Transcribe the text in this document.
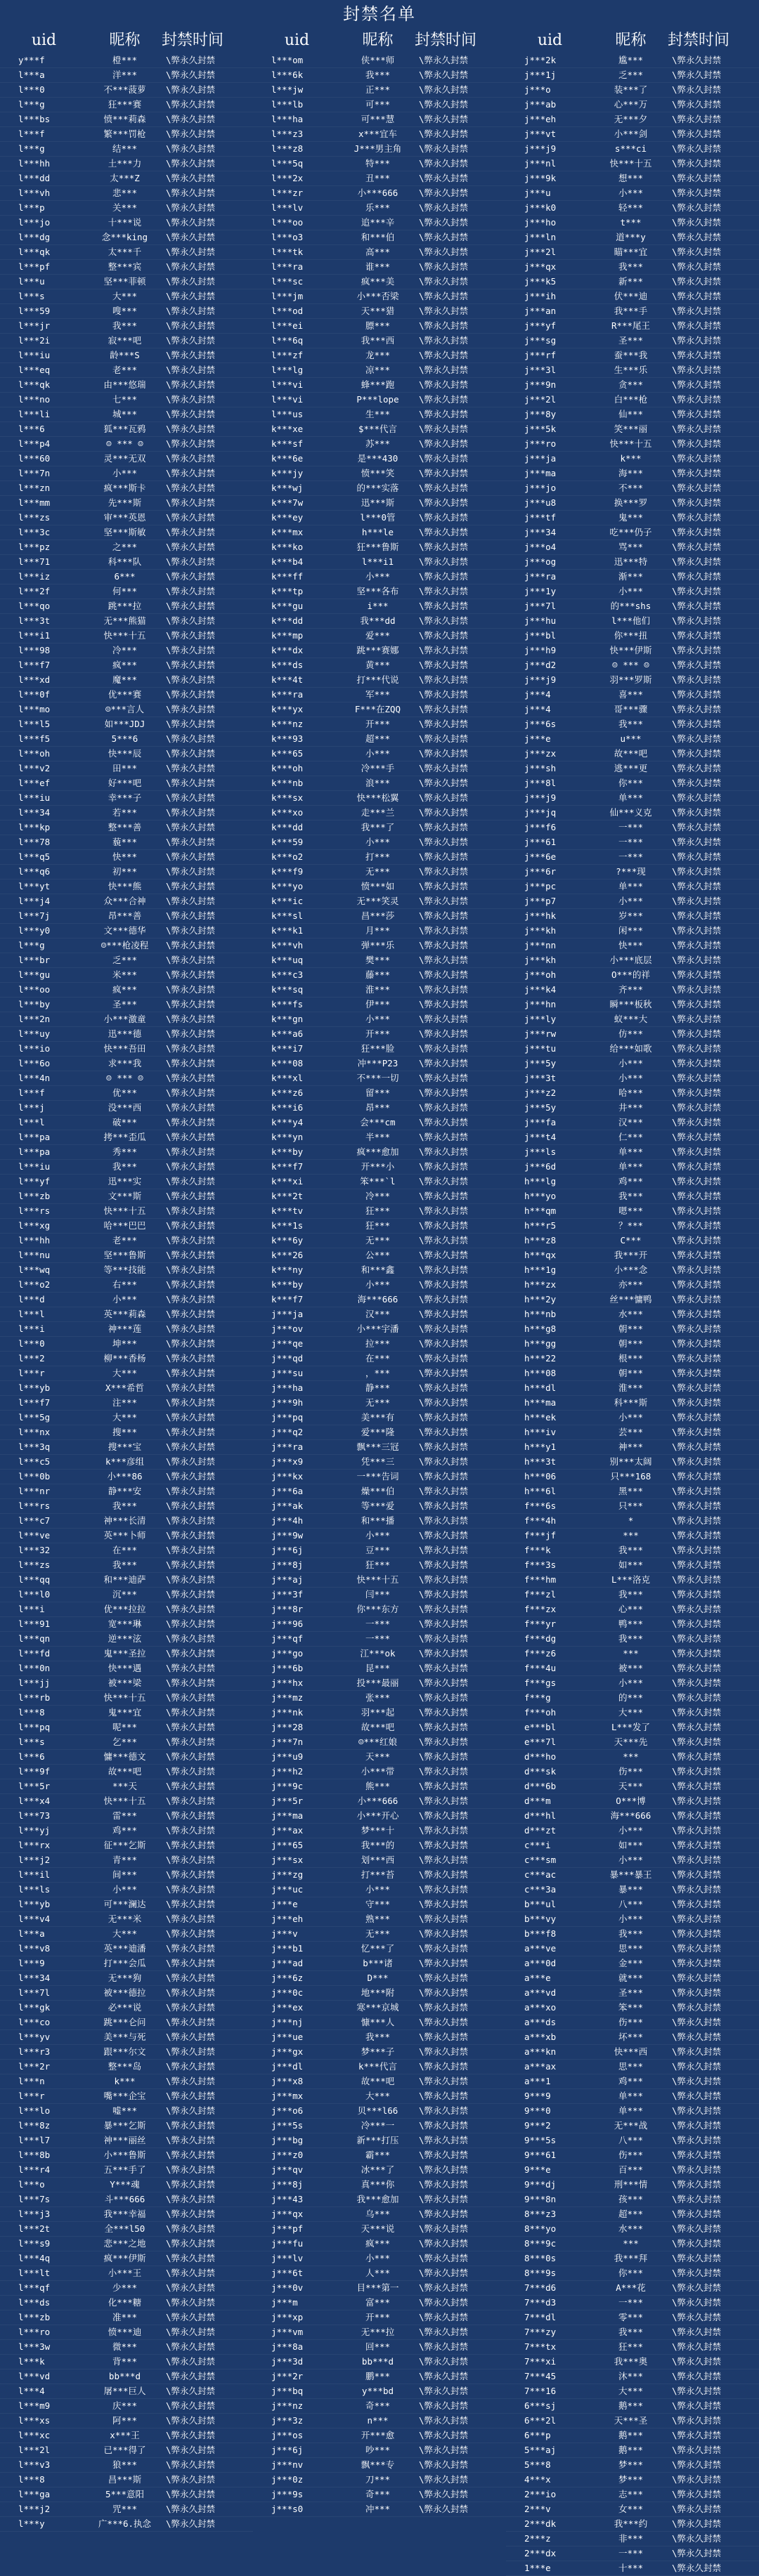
封禁名单
uid	昵称	封禁时间	uid	昵称	封禁时间	uid	昵称	封禁时间
y***f	橙***	\弊永久封禁
l***a	洋***	\弊永久封禁
l***0	不***菠萝	\弊永久封禁
l***g	狂***赛	\弊永久封禁
l***bs	愤***莉森	\弊永久封禁
l***f	繁***罚枪	\弊永久封禁
l***g	结***	\弊永久封禁
l***hh	土***力	\弊永久封禁
l***dd	太***Z	\弊永久封禁
l***vh	悲***	\弊永久封禁
l***p	关***	\弊永久封禁
l***jo	十***说	\弊永久封禁
l***dg	念***king	\弊永久封禁
l***qk	太***千	\弊永久封禁
l***pf	整***宾	\弊永久封禁
l***u	坚***菲顿	\弊永久封禁
l***s	大***	\弊永久封禁
l***59	嗖***	\弊永久封禁
l***jr	我***	\弊永久封禁
l***2i	寂***吧	\弊永久封禁
l***iu	龄***S	\弊永久封禁
l***eq	老***	\弊永久封禁
l***qk	由***悠瑞	\弊永久封禁
l***no	七***	\弊永久封禁
l***li	城***	\弊永久封禁
l***6	狐***瓦鸦	\弊永久封禁
l***p4	☺ *** ☺	\弊永久封禁
l***60	灵***无双	\弊永久封禁
l***7n	小***	\弊永久封禁
l***zn	疯***斯卡	\弊永久封禁
l***mm	先***斯	\弊永久封禁
l***zs	审***英恩	\弊永久封禁
l***3c	坚***斯敏	\弊永久封禁
l***pz	之***	\弊永久封禁
l***71	科***队	\弊永久封禁
l***iz	6***	\弊永久封禁
l***2f	何***	\弊永久封禁
l***qo	跳***拉	\弊永久封禁
l***3t	无***熊猫	\弊永久封禁
l***i1	快***十五	\弊永久封禁
l***98	冷***	\弊永久封禁
l***f7	疯***	\弊永久封禁
l***xd	魔***	\弊永久封禁
l***0f	优***赛	\弊永久封禁
l***mo	☺***言人	\弊永久封禁
l***l5	如***JDJ	\弊永久封禁
l***f5	5***6	\弊永久封禁
l***oh	快***辰	\弊永久封禁
l***v2	田***	\弊永久封禁
l***ef	好***吧	\弊永久封禁
l***iu	幸***子	\弊永久封禁
l***34	若***	\弊永久封禁
l***kp	整***善	\弊永久封禁
l***78	藐***	\弊永久封禁
l***q5	快***	\弊永久封禁
l***q6	初***	\弊永久封禁
l***yt	快***熊	\弊永久封禁
l***j4	众***合神	\弊永久封禁
l***7j	昂***善	\弊永久封禁
l***y0	文***德华	\弊永久封禁
l***g	☺***枪凌程	\弊永久封禁
l***br	乏***	\弊永久封禁
l***gu	米***	\弊永久封禁
l***oo	疯***	\弊永久封禁
l***by	圣***	\弊永久封禁
l***2n	小***激童	\弊永久封禁
l***uy	迅***德	\弊永久封禁
l***io	快***吾田	\弊永久封禁
l***6o	求***我	\弊永久封禁
l***4n	☺ *** ☺	\弊永久封禁
l***f	优***	\弊永久封禁
l***j	没***西	\弊永久封禁
l***l	破***	\弊永久封禁
l***pa	拷***歪瓜	\弊永久封禁
l***pa	秀***	\弊永久封禁
l***iu	我***	\弊永久封禁
l***yf	迅***实	\弊永久封禁
l***zb	文***斯	\弊永久封禁
l***rs	快***十五	\弊永久封禁
l***xg	哈***巴巴	\弊永久封禁
l***hh	老***	\弊永久封禁
l***nu	坚***鲁斯	\弊永久封禁
l***wq	等***技能	\弊永久封禁
l***o2	右***	\弊永久封禁
l***d	小***	\弊永久封禁
l***l	英***莉森	\弊永久封禁
l***i	神***莲	\弊永久封禁
l***0	坤***	\弊永久封禁
l***2	柳***香杨	\弊永久封禁
l***r	大***	\弊永久封禁
l***yb	X***希哲	\弊永久封禁
l***f7	注***	\弊永久封禁
l***5g	大***	\弊永久封禁
l***nx	搜***	\弊永久封禁
l***3q	搜***宝	\弊永久封禁
l***c5	k***彦组	\弊永久封禁
l***0b	小***86	\弊永久封禁
l***nr	静***安	\弊永久封禁
l***rs	我***	\弊永久封禁
l***c7	神***长清	\弊永久封禁
l***ve	英***卜师	\弊永久封禁
l***32	在***	\弊永久封禁
l***zs	我***	\弊永久封禁
l***qq	和***迪萨	\弊永久封禁
l***l0	沉***	\弊永久封禁
l***i	优***拉拉	\弊永久封禁
l***91	宽***琳	\弊永久封禁
l***qn	逆***泫	\弊永久封禁
l***fd	鬼***圣拉	\弊永久封禁
l***0n	快***遇	\弊永久封禁
l***jj	被***梁	\弊永久封禁
l***rb	快***十五	\弊永久封禁
l***8	鬼***宜	\弊永久封禁
l***pq	呢***	\弊永久封禁
l***s	乞***	\弊永久封禁
l***6	慵***德文	\弊永久封禁
l***9f	故***吧	\弊永久封禁
l***5r	***天	\弊永久封禁
l***x4	快***十五	\弊永久封禁
l***73	雷***	\弊永久封禁
l***yj	鸡***	\弊永久封禁
l***rx	征***乞斯	\弊永久封禁
l***j2	青***	\弊永久封禁
l***il	间***	\弊永久封禁
l***ls	小***	\弊永久封禁
l***yb	可***澜达	\弊永久封禁
l***v4	无***米	\弊永久封禁
l***a	大***	\弊永久封禁
l***v8	英***迪潘	\弊永久封禁
l***9	打***会瓜	\弊永久封禁
l***34	无***狗	\弊永久封禁
l***7l	被***德拉	\弊永久封禁
l***gk	必***说	\弊永久封禁
l***co	跳***仑问	\弊永久封禁
l***yv	美***与死	\弊永久封禁
l***r3	跟***尔文	\弊永久封禁
l***2r	整***岛	\弊永久封禁
l***n	k***	\弊永久封禁
l***r	嘴***企宝	\弊永久封禁
l***lo	嘘***	\弊永久封禁
l***8z	暴***乞斯	\弊永久封禁
l***l7	神***丽丝	\弊永久封禁
l***8b	小***鲁斯	\弊永久封禁
l***r4	五***手了	\弊永久封禁
l***o	Y***魂	\弊永久封禁
l***7s	斗***666	\弊永久封禁
l***j3	我***幸福	\弊永久封禁
l***2t	全***l50	\弊永久封禁
l***s9	悲***之地	\弊永久封禁
l***4q	疯***伊斯	\弊永久封禁
l***lt	小***王	\弊永久封禁
l***qf	少***	\弊永久封禁
l***ds	化***糖	\弊永久封禁
l***zb	准***	\弊永久封禁
l***ro	愤***迪	\弊永久封禁
l***3w	微***	\弊永久封禁
l***k	背***	\弊永久封禁
l***vd	bb***d	\弊永久封禁
l***4	屠***巨人	\弊永久封禁
l***m9	庆***	\弊永久封禁
l***xs	阿***	\弊永久封禁
l***xc	x***王	\弊永久封禁
l***2l	已***得了	\弊永久封禁
l***v3	狼***	\弊永久封禁
l***8	昌***斯	\弊永久封禁
l***ga	5***意阳	\弊永久封禁
l***j2	咒***	\弊永久封禁
l***y	广***6.执念	\弊永久封禁
l***om	侠***师	\弊永久封禁
l***6k	我***	\弊永久封禁
l***jw	正***	\弊永久封禁
l***lb	可***	\弊永久封禁
l***ha	可***慧	\弊永久封禁
l***z3	x***宜车	\弊永久封禁
l***z8	J***男主角	\弊永久封禁
l***5q	特***	\弊永久封禁
l***2x	丑***	\弊永久封禁
l***zr	小***666	\弊永久封禁
l***lv	乐***	\弊永久封禁
l***oo	追***辛	\弊永久封禁
l***o3	和***伯	\弊永久封禁
l***tk	高***	\弊永久封禁
l***ra	谁***	\弊永久封禁
l***sc	疯***美	\弊永久封禁
l***jm	小***否梁	\弊永久封禁
l***od	天***猎	\弊永久封禁
l***ei	膘***	\弊永久封禁
l***6q	我***西	\弊永久封禁
l***zf	龙***	\弊永久封禁
l***lg	凉***	\弊永久封禁
l***vi	蜂***跑	\弊永久封禁
l***vi	P***lope	\弊永久封禁
l***us	生***	\弊永久封禁
k***xe	$***代言	\弊永久封禁
k***sf	苏***	\弊永久封禁
k***6e	是***430	\弊永久封禁
k***jy	愤***笑	\弊永久封禁
k***wj	的***实落	\弊永久封禁
k***7w	迅***斯	\弊永久封禁
k***ey	l***0管	\弊永久封禁
k***mx	h***le	\弊永久封禁
k***ko	狂***鲁斯	\弊永久封禁
k***b4	l***i1	\弊永久封禁
k***ff	小***	\弊永久封禁
k***tp	坚***各布	\弊永久封禁
k***gu	i***	\弊永久封禁
k***dd	我***dd	\弊永久封禁
k***mp	爱***	\弊永久封禁
k***dx	跳***赛娜	\弊永久封禁
k***ds	黄***	\弊永久封禁
k***4t	打***代说	\弊永久封禁
k***ra	军***	\弊永久封禁
k***yx	F***在ZQQ	\弊永久封禁
k***nz	开***	\弊永久封禁
k***93	超***	\弊永久封禁
k***65	小***	\弊永久封禁
k***oh	冷***手	\弊永久封禁
k***nb	浪***	\弊永久封禁
k***sx	快***松翼	\弊永久封禁
k***xo	走***兰	\弊永久封禁
k***dd	我***了	\弊永久封禁
k***59	小***	\弊永久封禁
k***o2	打***	\弊永久封禁
k***f9	无***	\弊永久封禁
k***yo	愤***如	\弊永久封禁
k***ic	无***笑灵	\弊永久封禁
k***sl	昌***莎	\弊永久封禁
k***k1	月***	\弊永久封禁
k***vh	弹***乐	\弊永久封禁
k***uq	樊***	\弊永久封禁
k***c3	藤***	\弊永久封禁
k***sq	淮***	\弊永久封禁
k***fs	伊***	\弊永久封禁
k***gn	小***	\弊永久封禁
k***a6	开***	\弊永久封禁
k***i7	狂***脸	\弊永久封禁
k***08	冲***P23	\弊永久封禁
k***xl	不***一切	\弊永久封禁
k***z6	留***	\弊永久封禁
k***i6	昂***	\弊永久封禁
k***y4	会***cm	\弊永久封禁
k***yn	半***	\弊永久封禁
k***by	疯***愈加	\弊永久封禁
k***f7	开***小	\弊永久封禁
k***xi	笨***`l	\弊永久封禁
k***2t	冷***	\弊永久封禁
k***tv	狂***	\弊永久封禁
k***1s	狂***	\弊永久封禁
k***6y	无***	\弊永久封禁
k***26	公***	\弊永久封禁
k***ny	和***鑫	\弊永久封禁
k***by	小***	\弊永久封禁
k***f7	海***666	\弊永久封禁
j***ja	汉***	\弊永久封禁
j***ov	小***宇潘	\弊永久封禁
j***qe	拉***	\弊永久封禁
j***qd	在***	\弊永久封禁
j***su	，***	\弊永久封禁
j***ha	静***	\弊永久封禁
j***9h	无***	\弊永久封禁
j***pq	美***有	\弊永久封禁
j***q2	爱***隆	\弊永久封禁
j***ra	飘***三冠	\弊永久封禁
j***x9	凭***三	\弊永久封禁
j***kx	一***告词	\弊永久封禁
j***6a	燥***伯	\弊永久封禁
j***ak	等***爱	\弊永久封禁
j***4h	和***播	\弊永久封禁
j***9w	小***	\弊永久封禁
j***6j	豆***	\弊永久封禁
j***8j	狂***	\弊永久封禁
j***aj	快***十五	\弊永久封禁
j***3f	闫***	\弊永久封禁
j***8r	你***东方	\弊永久封禁
j***96	一***	\弊永久封禁
j***qf	一***	\弊永久封禁
j***go	江***ok	\弊永久封禁
j***6b	昆***	\弊永久封禁
j***hx	投***最丽	\弊永久封禁
j***mz	张***	\弊永久封禁
j***nk	羽***起	\弊永久封禁
j***28	故***吧	\弊永久封禁
j***7n	☺***红娘	\弊永久封禁
j***u9	天***	\弊永久封禁
j***h2	小***带	\弊永久封禁
j***9c	熊***	\弊永久封禁
j***5r	小***666	\弊永久封禁
j***ma	小***开心	\弊永久封禁
j***ax	梦***十	\弊永久封禁
j***65	我***的	\弊永久封禁
j***sx	划***西	\弊永久封禁
j***zg	打***苔	\弊永久封禁
j***uc	小***	\弊永久封禁
j***e	守***	\弊永久封禁
j***eh	熟***	\弊永久封禁
j***v	无***	\弊永久封禁
j***b1	忆***了	\弊永久封禁
j***ad	b***诸	\弊永久封禁
j***6z	D***	\弊永久封禁
j***0c	地***附	\弊永久封禁
j***ex	寒***京城	\弊永久封禁
j***nj	慷***人	\弊永久封禁
j***ue	我***	\弊永久封禁
j***gx	梦***子	\弊永久封禁
j***dl	k***代言	\弊永久封禁
j***x8	故***吧	\弊永久封禁
j***mx	大***	\弊永久封禁
j***o6	贝***l66	\弊永久封禁
j***5s	冷***一	\弊永久封禁
j***bg	新***打压	\弊永久封禁
j***z0	霸***	\弊永久封禁
j***qv	冰***了	\弊永久封禁
j***8j	真***你	\弊永久封禁
j***43	我***愈加	\弊永久封禁
j***qx	乌***	\弊永久封禁
j***pf	天***说	\弊永久封禁
j***fu	疯***	\弊永久封禁
j***lv	小***	\弊永久封禁
j***6t	人***	\弊永久封禁
j***0v	目***第一	\弊永久封禁
j***m	富***	\弊永久封禁
j***xp	开***	\弊永久封禁
j***vm	无***拉	\弊永久封禁
j***8a	回***	\弊永久封禁
j***3d	bb***d	\弊永久封禁
j***2r	鹏***	\弊永久封禁
j***bq	y***bd	\弊永久封禁
j***nz	奇***	\弊永久封禁
j***3z	n***	\弊永久封禁
j***os	开***愈	\弊永久封禁
j***6j	吵***	\弊永久封禁
j***nv	飘***专	\弊永久封禁
j***0z	刀***	\弊永久封禁
j***9s	奇***	\弊永久封禁
j***s0	冲***	\弊永久封禁
j***2k	尴***	\弊永久封禁
j***1j	乏***	\弊永久封禁
j***o	装***了	\弊永久封禁
j***ab	心***万	\弊永久封禁
j***eh	无***夕	\弊永久封禁
j***vt	小***剑	\弊永久封禁
j***j9	s***ci	\弊永久封禁
j***nl	快***十五	\弊永久封禁
j***9k	想***	\弊永久封禁
j***u	小***	\弊永久封禁
j***k0	轻***	\弊永久封禁
j***ho	t***	\弊永久封禁
j***ln	道***y	\弊永久封禁
j***2l	瞄***宜	\弊永久封禁
j***qx	我***	\弊永久封禁
j***k5	新***	\弊永久封禁
j***ih	伏***迪	\弊永久封禁
j***an	我***手	\弊永久封禁
j***yf	R***尾王	\弊永久封禁
j***sg	圣***	\弊永久封禁
j***rf	蚕***我	\弊永久封禁
j***3l	生***乐	\弊永久封禁
j***9n	贪***	\弊永久封禁
j***2l	白***枪	\弊永久封禁
j***8y	仙***	\弊永久封禁
j***5k	笑***丽	\弊永久封禁
j***ro	快***十五	\弊永久封禁
j***ja	k***	\弊永久封禁
j***ma	海***	\弊永久封禁
j***jo	不***	\弊永久封禁
j***u8	换***罗	\弊永久封禁
j***tf	鬼***	\弊永久封禁
j***34	吃***仍子	\弊永久封禁
j***o4	骂***	\弊永久封禁
j***og	迅***特	\弊永久封禁
j***ra	渐***	\弊永久封禁
j***1y	小***	\弊永久封禁
j***7l	的***shs	\弊永久封禁
j***hu	l***他们	\弊永久封禁
j***bl	你***扭	\弊永久封禁
j***h9	快***伊斯	\弊永久封禁
j***d2	☺ *** ☺	\弊永久封禁
j***j9	羽***罗斯	\弊永久封禁
j***4	喜***	\弊永久封禁
j***4	哥***骤	\弊永久封禁
j***6s	我***	\弊永久封禁
j***e	u***	\弊永久封禁
j***zx	故***吧	\弊永久封禁
j***sh	逃***更	\弊永久封禁
j***8l	你***	\弊永久封禁
j***j9	单***	\弊永久封禁
j***jq	仙***义克	\弊永久封禁
j***f6	一***	\弊永久封禁
j***61	一***	\弊永久封禁
j***6e	一***	\弊永久封禁
j***6r	?***现	\弊永久封禁
j***pc	单***	\弊永久封禁
j***p7	小***	\弊永久封禁
j***hk	岁***	\弊永久封禁
j***kh	闲***	\弊永久封禁
j***nn	快***	\弊永久封禁
j***kh	小***底层	\弊永久封禁
j***oh	O***的祥	\弊永久封禁
j***k4	齐***	\弊永久封禁
j***hn	瞬***板秋	\弊永久封禁
j***ly	蚁***大	\弊永久封禁
j***rw	仿***	\弊永久封禁
j***tu	给***如歌	\弊永久封禁
j***5y	小***	\弊永久封禁
j***3t	小***	\弊永久封禁
j***z2	哈***	\弊永久封禁
j***5y	井***	\弊永久封禁
j***fa	汉***	\弊永久封禁
j***t4	仁***	\弊永久封禁
j***ls	单***	\弊永久封禁
j***6d	单***	\弊永久封禁
h***lg	鸡***	\弊永久封禁
h***yo	我***	\弊永久封禁
h***qm	嗯***	\弊永久封禁
h***r5	？***	\弊永久封禁
h***z8	C***	\弊永久封禁
h***qx	我***开	\弊永久封禁
h***1g	小***念	\弊永久封禁
h***zx	亦***	\弊永久封禁
h***2y	丝***慵鸭	\弊永久封禁
h***nb	水***	\弊永久封禁
h***g8	朝***	\弊永久封禁
h***gg	朝***	\弊永久封禁
h***22	根***	\弊永久封禁
h***08	朝***	\弊永久封禁
h***dl	淮***	\弊永久封禁
h***ma	科***斯	\弊永久封禁
h***ek	小***	\弊永久封禁
h***iv	芸***	\弊永久封禁
h***y1	神***	\弊永久封禁
h***3t	别***太阔	\弊永久封禁
h***06	只***168	\弊永久封禁
h***6l	黑***	\弊永久封禁
f***6s	只***	\弊永久封禁
f***4h	*	\弊永久封禁
f***jf	***	\弊永久封禁
f***k	我***	\弊永久封禁
f***3s	如***	\弊永久封禁
f***hm	L***洛克	\弊永久封禁
f***zl	我***	\弊永久封禁
f***zx	心***	\弊永久封禁
f***yr	鸭***	\弊永久封禁
f***dg	我***	\弊永久封禁
f***z6	***	\弊永久封禁
f***4u	被***	\弊永久封禁
f***gs	小***	\弊永久封禁
f***g	的***	\弊永久封禁
f***oh	大***	\弊永久封禁
e***bl	L***发了	\弊永久封禁
e***7l	天***先	\弊永久封禁
d***ho	***	\弊永久封禁
d***sk	伤***	\弊永久封禁
d***6b	天***	\弊永久封禁
d***m	O***博	\弊永久封禁
d***hl	海***666	\弊永久封禁
d***zt	小***	\弊永久封禁
c***i	如***	\弊永久封禁
c***sm	小***	\弊永久封禁
c***ac	暴***暴王	\弊永久封禁
c***3a	暴***	\弊永久封禁
b***ul	八***	\弊永久封禁
b***vy	小***	\弊永久封禁
b***f8	我***	\弊永久封禁
a***ve	思***	\弊永久封禁
a***0d	金***	\弊永久封禁
a***e	就***	\弊永久封禁
a***vd	圣***	\弊永久封禁
a***xo	笨***	\弊永久封禁
a***ds	伤***	\弊永久封禁
a***xb	坏***	\弊永久封禁
a***kn	快***西	\弊永久封禁
a***ax	思***	\弊永久封禁
a***1	鸡***	\弊永久封禁
9***9	单***	\弊永久封禁
9***0	单***	\弊永久封禁
9***2	无***战	\弊永久封禁
9***5s	八***	\弊永久封禁
9***61	伤***	\弊永久封禁
9***e	百***	\弊永久封禁
9***dj	刑***情	\弊永久封禁
9***8n	孩***	\弊永久封禁
8***z3	超***	\弊永久封禁
8***yo	水***	\弊永久封禁
8***9c	***	\弊永久封禁
8***0s	我***拜	\弊永久封禁
8***9s	你***	\弊永久封禁
7***d6	A***花	\弊永久封禁
7***d3	一***	\弊永久封禁
7***dl	零***	\弊永久封禁
7***zy	我***	\弊永久封禁
7***tx	狂***	\弊永久封禁
7***xi	我***奥	\弊永久封禁
7***45	沐***	\弊永久封禁
7***16	大***	\弊永久封禁
6***sj	鹅***	\弊永久封禁
6***2l	天***圣	\弊永久封禁
6***p	鹅***	\弊永久封禁
5***aj	鹅***	\弊永久封禁
5***8	梦***	\弊永久封禁
4***x	梦***	\弊永久封禁
2***io	志***	\弊永久封禁
2***v	女***	\弊永久封禁
2***dk	我***约	\弊永久封禁
2***z	非***	\弊永久封禁
2***dx	一***	\弊永久封禁
1***e	十***	\弊永久封禁
